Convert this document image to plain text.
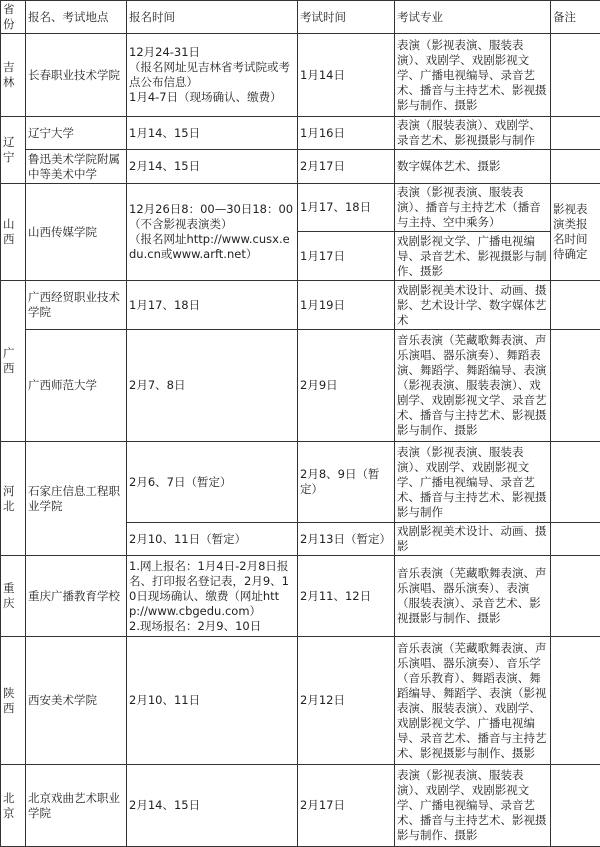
省份	报名、考试地点	报名时间	考试时间	考试专业	备注
吉林	长春职业技术学院	12月24-31日
（报名网址见吉林省考试院或考点公布信息）
1月4-7日（现场确认、缴费）	1月14日	表演（影视表演、服装表演）、戏剧学、戏剧影视文学、广播电视编导、录音艺术、播音与主持艺术、影视摄影与制作、摄影	
辽宁	辽宁大学	1月14、15日	1月16日	表演（服装表演）、戏剧学、录音艺术、影视摄影与制作	
	鲁迅美术学院附属中等美术中学	2月14、15日	2月17日	数字媒体艺术、摄影	
山西	山西传媒学院	12月26日8：00—30日18：00（不含影视表演类）
（报名网址http://www.cusx.edu.cn或www.arft.net）	1月17、18日	表演（影视表演、服装表演）、播音与主持艺术（播音与主持、空中乘务）	影视表演类报名时间待确定
			1月17日	戏剧影视文学、广播电视编导、录音艺术、影视摄影与制作、摄影	
广西	广西经贸职业技术学院	1月17、18日	1月19日	戏剧影视美术设计、动画、摄影、艺术设计学、数字媒体艺术	
	广西师范大学	2月7、8日	2月9日	音乐表演（芜藏歌舞表演、声乐演唱、器乐演奏）、舞蹈表演、舞蹈学、舞蹈编导、表演（影视表演、服装表演）、戏剧学、戏剧影视文学、录音艺术、播音与主持艺术、影视摄影与制作、摄影	
河北	石家庄信息工程职业学院	2月6、7日（暂定）	2月8、9日（暂定）	表演（影视表演、服装表演）、戏剧学、戏剧影视文学、广播电视编导、录音艺术、播音与主持艺术、影视摄影与制作	
		2月10、11日（暂定）	2月13日（暂定）	戏剧影视美术设计、动画、摄影	
重庆	重庆广播教育学校	1.网上报名：1月4日-2月8日报名、打印报名登记表，2月9、10日现场确认、缴费（网址http://www.cbgedu.com）
2.现场报名：2月9、10日	2月11、12日	音乐表演（芜藏歌舞表演、声乐演唱、器乐演奏）、表演（服装表演）、录音艺术、影视摄影与制作、摄影	
陕西	西安美术学院	2月10、11日	2月12日	音乐表演（芜藏歌舞表演、声乐演唱、器乐演奏）、音乐学（音乐教育）、舞蹈表演、舞蹈编导、舞蹈学、表演（影视表演、服装表演）、戏剧学、戏剧影视文学、广播电视编导、录音艺术、播音与主持艺术、影视摄影与制作、摄影	
北京	北京戏曲艺术职业学院	2月14、15日	2月17日	表演（影视表演、服装表演）、戏剧学、戏剧影视文学、广播电视编导、录音艺术、播音与主持艺术、影视摄影与制作、摄影	
